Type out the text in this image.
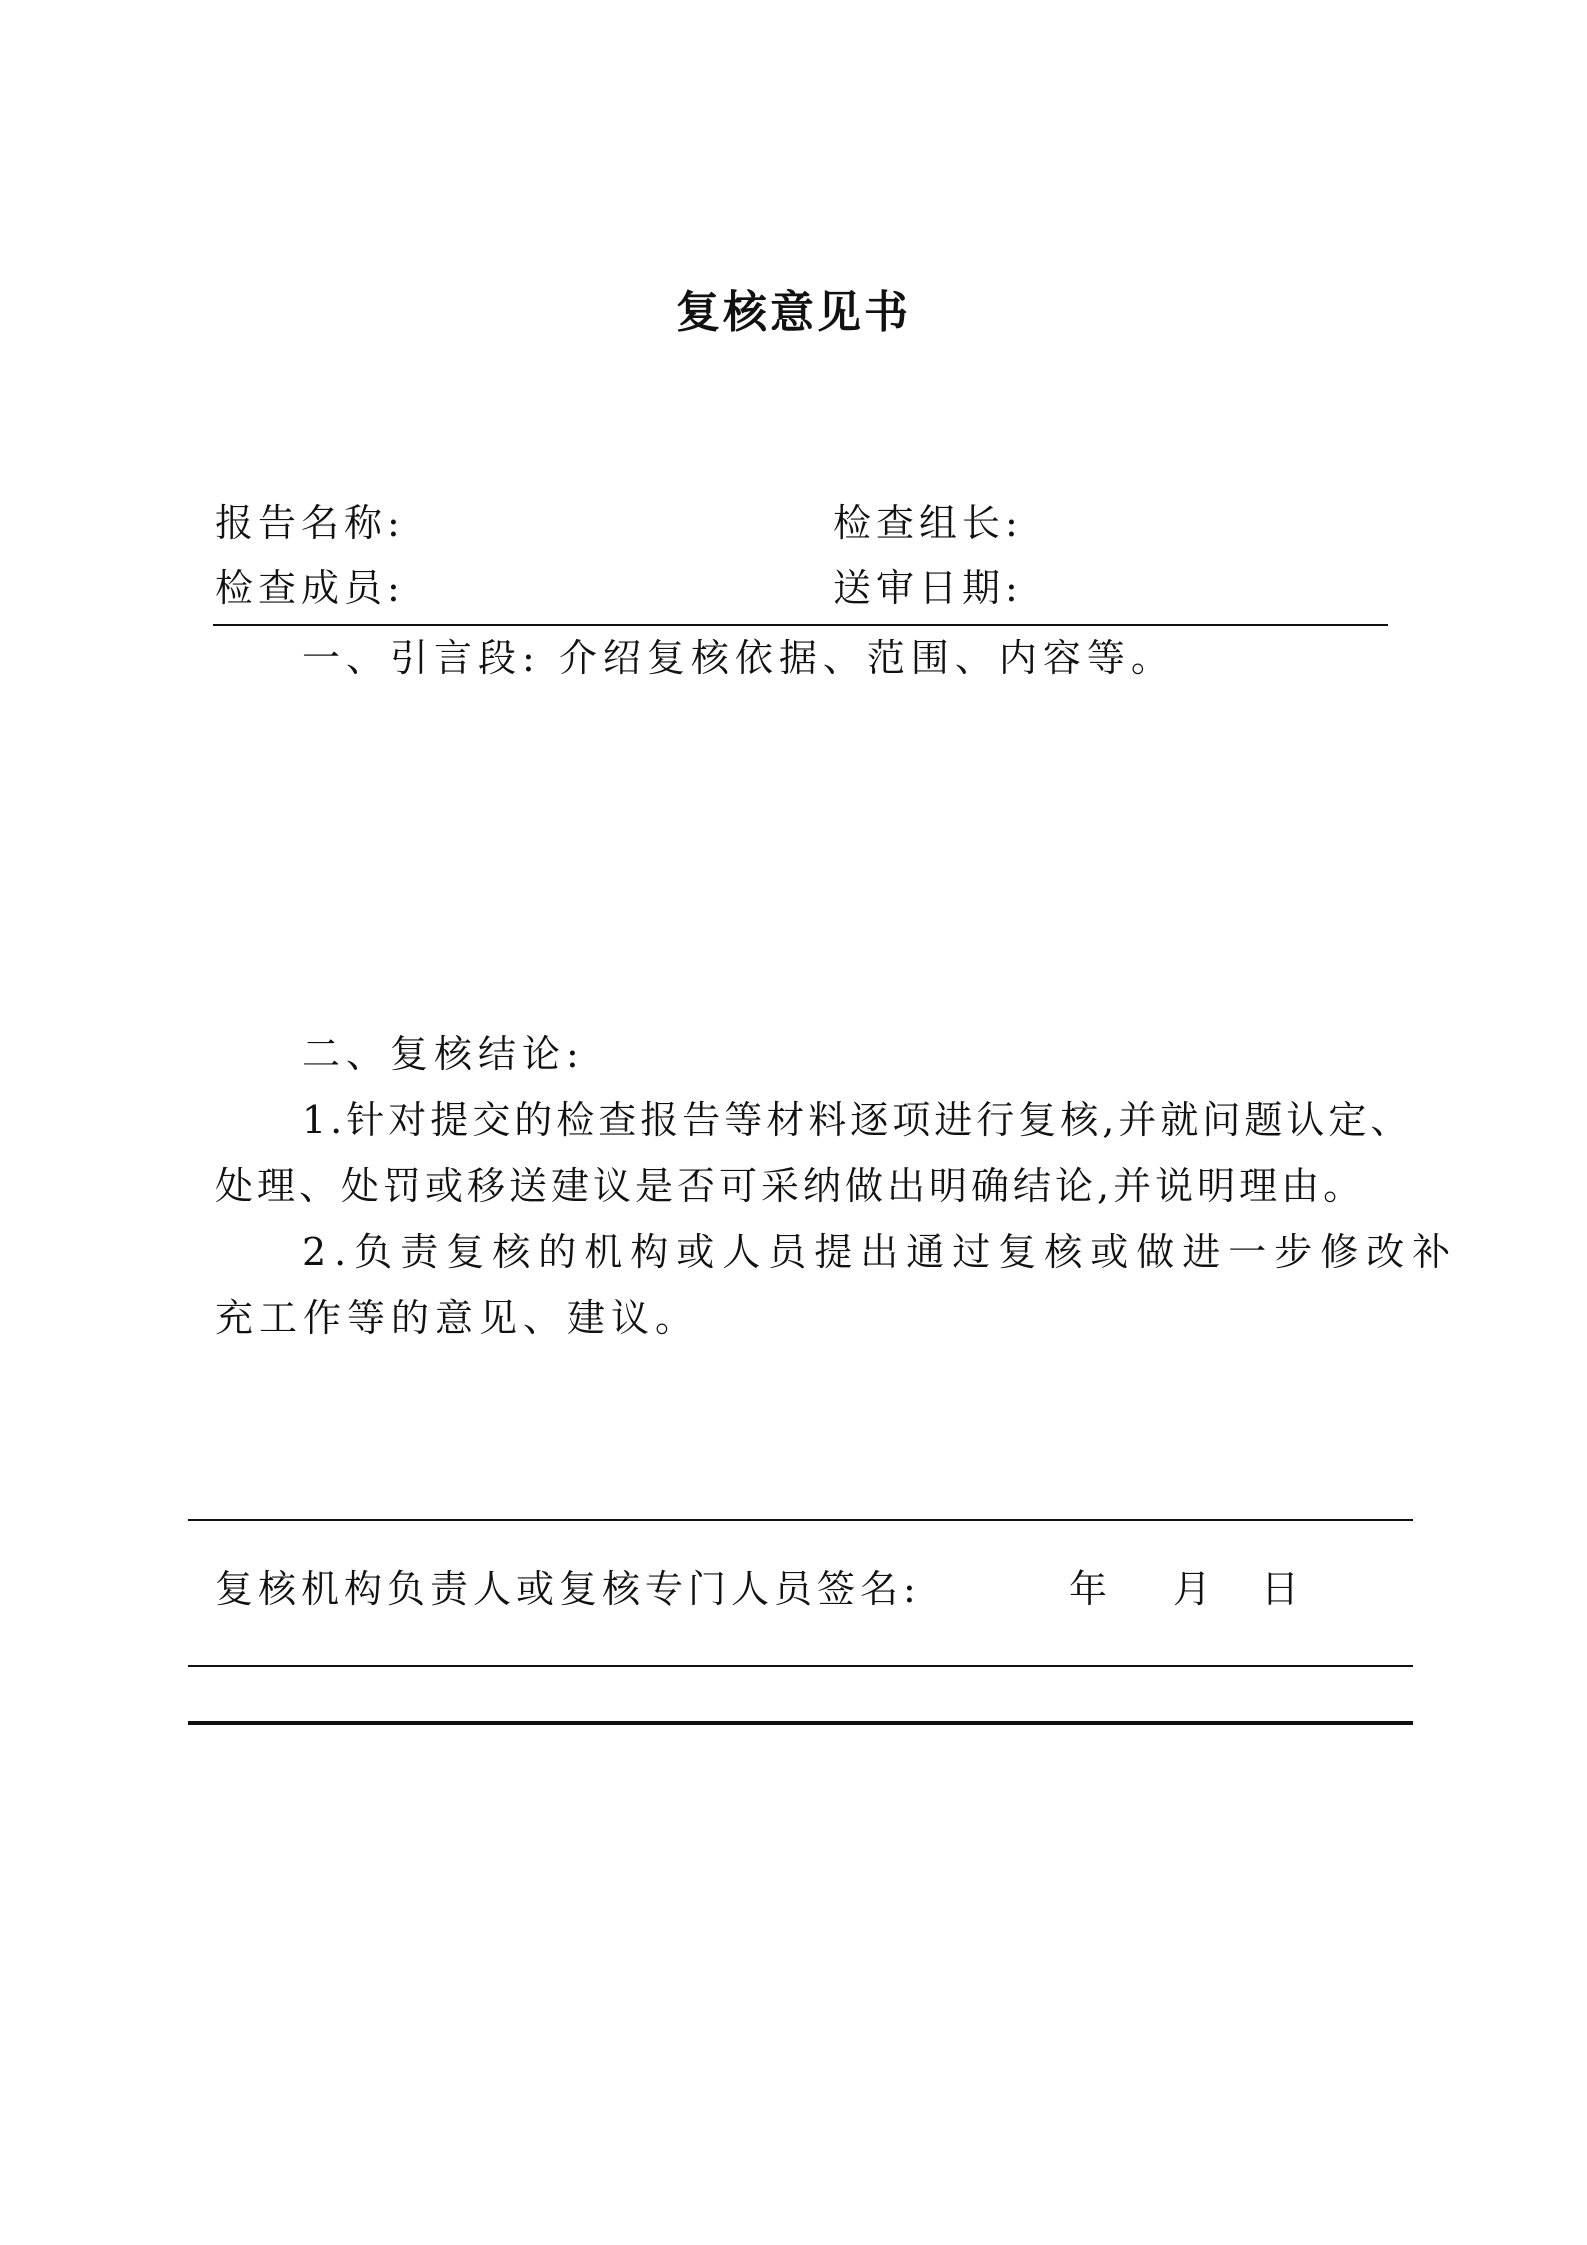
复核意见书
报告名称:	检查组长:
检查成员:	送审日期:
一、引言段: 介绍复核依据、范围、内容等。
二、复核结论:
1.针对提交的检查报告等材料逐项进行复核,并就问题认定、
处理、处罚或移送建议是否可采纳做出明确结论,并说明理由。
2.负责复核的机构或人员提出通过复核或做进一步修改补
充工作等的意见、建议。
复核机构负责人或复核专门人员签名:	年 月 日
